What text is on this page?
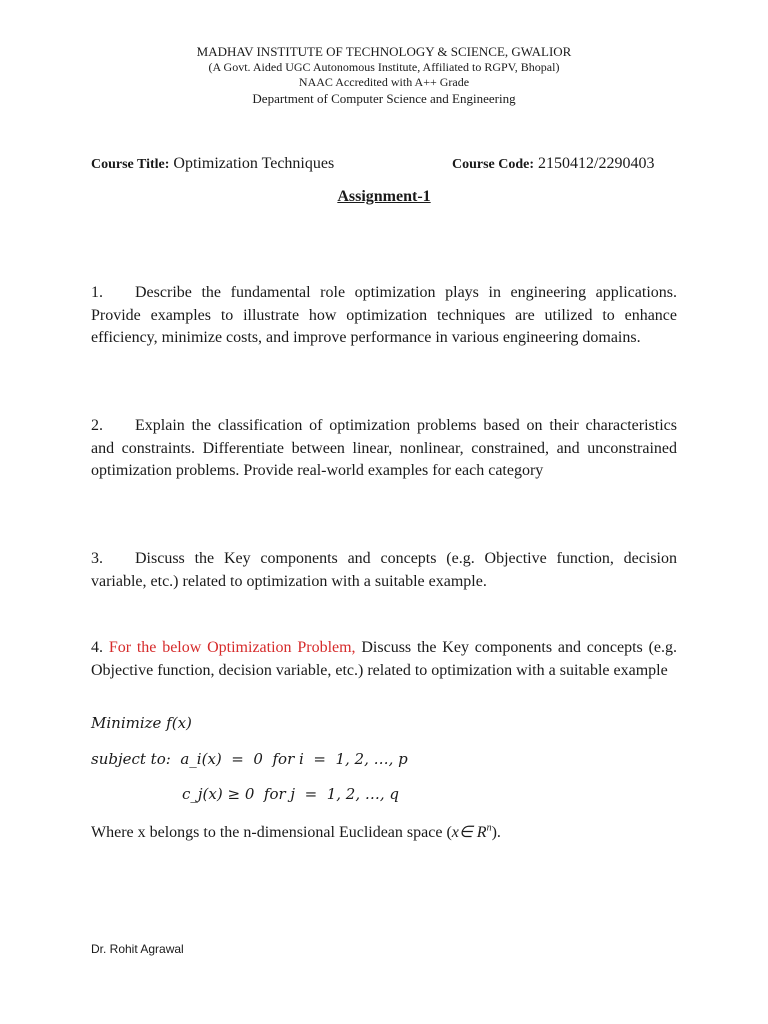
MADHAV INSTITUTE OF TECHNOLOGY & SCIENCE, GWALIOR
(A Govt. Aided UGC Autonomous Institute, Affiliated to RGPV, Bhopal)
NAAC Accredited with A++ Grade
Department of Computer Science and Engineering
Course Title: Optimization Techniques	Course Code: 2150412/2290403
Assignment-1
1. Describe the fundamental role optimization plays in engineering applications. Provide examples to illustrate how optimization techniques are utilized to enhance efficiency, minimize costs, and improve performance in various engineering domains.
2. Explain the classification of optimization problems based on their characteristics and constraints. Differentiate between linear, nonlinear, constrained, and unconstrained optimization problems. Provide real-world examples for each category
3. Discuss the Key components and concepts (e.g. Objective function, decision variable, etc.) related to optimization with a suitable example.
4. For the below Optimization Problem, Discuss the Key components and concepts (e.g. Objective function, decision variable, etc.) related to optimization with a suitable example
Minimize f(x)
subject to: a_i(x)  =  0  for i  =  1, 2, …, p
c_j(x) ≥ 0  for j  =  1, 2, …, q
Where x belongs to the n-dimensional Euclidean space (x∈ $R^n$).
Dr. Rohit Agrawal
